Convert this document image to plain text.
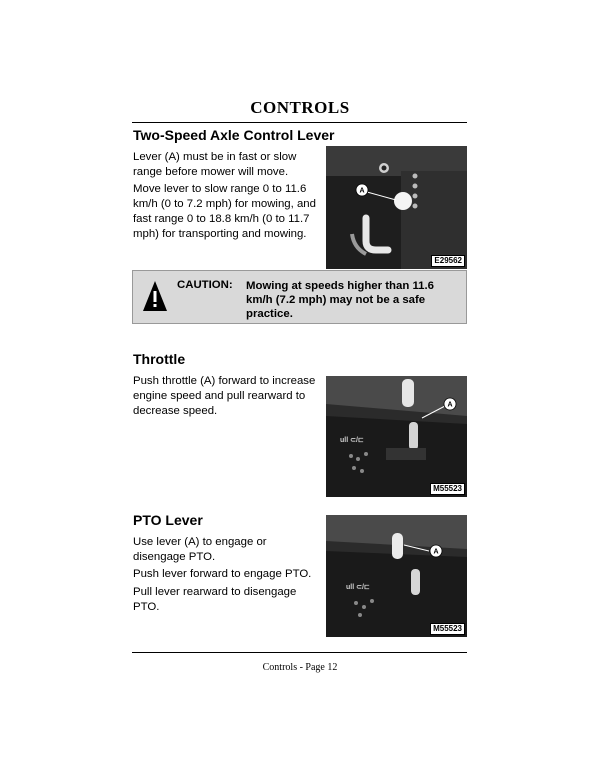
CONTROLS
Two-Speed Axle Control Lever

Lever (A) must be in fast or slow range before mower will move.

Move lever to slow range 0 to 11.6 km/h (0 to 7.2 mph) for mowing, and fast range 0 to 18.8 km/h (0 to 11.7 mph) for transporting and mowing.

A
E29562
CAUTION: Mowing at speeds higher than 11.6 km/h (7.2 mph) may not be a safe practice.

Throttle

Push throttle (A) forward to increase engine speed and pull rearward to decrease speed.

ull ⊂/⊏
A
M55523
PTO Lever

Use lever (A) to engage or disengage PTO.

Push lever forward to engage PTO.

Pull lever rearward to disengage PTO.

ull ⊂/⊏
A
M55523
Controls - Page 12
